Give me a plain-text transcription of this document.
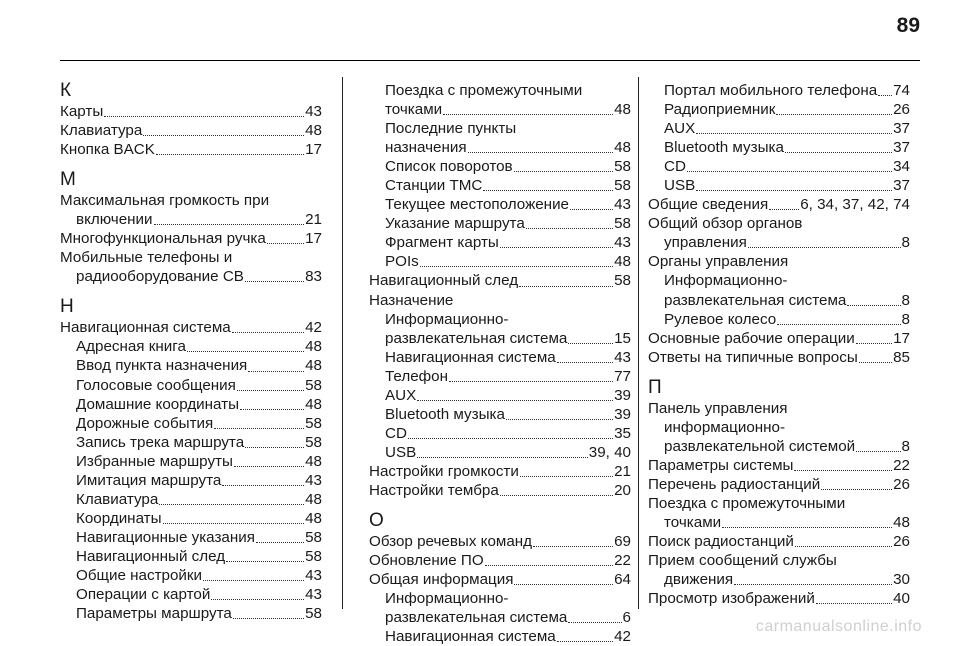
89
К
Карты	43
Клавиатура	48
Кнопка BACK	17
М
Максимальная громкость при
включении	21
Многофункциональная ручка	17
Мобильные телефоны и
радиооборудование CB	83
Н
Навигационная система	42
Адресная книга	48
Ввод пункта назначения	48
Голосовые сообщения	58
Домашние координаты	48
Дорожные события	58
Запись трека маршрута	58
Избранные маршруты	48
Имитация маршрута	43
Клавиатура	48
Координаты	48
Навигационные указания	58
Навигационный след	58
Общие настройки	43
Операции с картой	43
Параметры маршрута	58
Поездка с промежуточными
точками	48
Последние пункты
назначения	48
Список поворотов	58
Станции TMC	58
Текущее местоположение	43
Указание маршрута	58
Фрагмент карты	43
POIs	48
Навигационный след	58
Назначение
Информационно-
развлекательная система	15
Навигационная система	43
Телефон	77
AUX	39
Bluetooth музыка	39
CD	35
USB	39, 40
Настройки громкости	21
Настройки тембра	20
О
Обзор речевых команд	69
Обновление ПО	22
Общая информация	64
Информационно-
развлекательная система	6
Навигационная система	42
Портал мобильного телефона 74
Радиоприемник	26
AUX	37
Bluetooth музыка	37
CD	34
USB	37
Общие сведения 6, 34, 37, 42, 74
Общий обзор органов
управления	8
Органы управления
Информационно-
развлекательная система	8
Рулевое колесо	8
Основные рабочие операции	17
Ответы на типичные вопросы 85
П
Панель управления
информационно-
развлекательной системой	8
Параметры системы	22
Перечень радиостанций	26
Поездка с промежуточными
точками	48
Поиск радиостанций	26
Прием сообщений службы
движения	30
Просмотр изображений	40
carmanualsonline.info
